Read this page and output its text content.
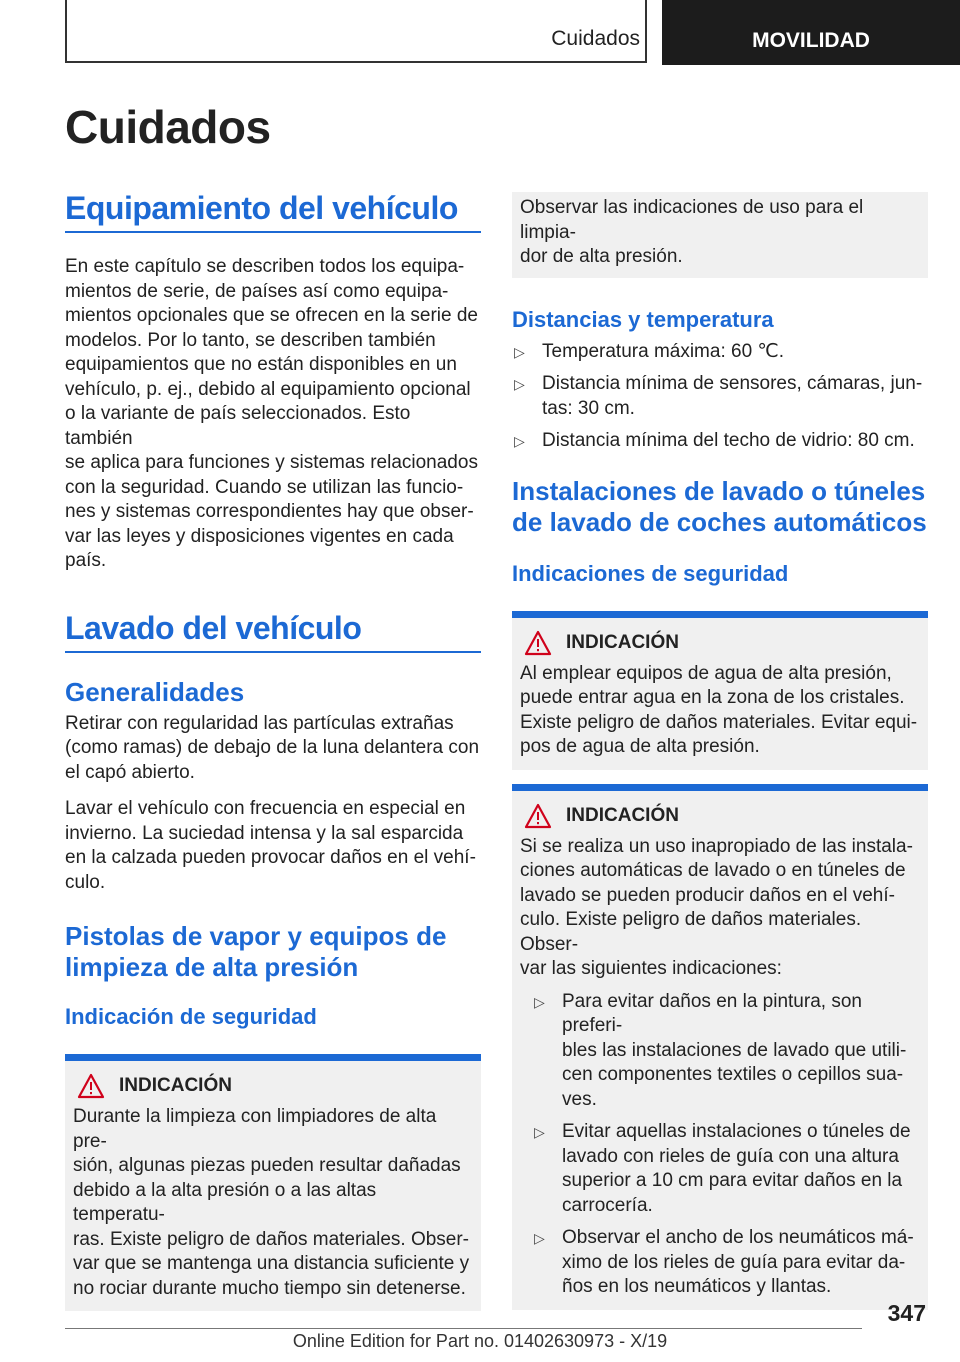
Cuidados	MOVILIDAD
Cuidados
Equipamiento del vehículo

En este capítulo se describen todos los equipa-
mientos de serie, de países así como equipa-
mientos opcionales que se ofrecen en la serie de
modelos. Por lo tanto, se describen también
equipamientos que no están disponibles en un
vehículo, p. ej., debido al equipamiento opcional
o la variante de país seleccionados. Esto también
se aplica para funciones y sistemas relacionados
con la seguridad. Cuando se utilizan las funcio-
nes y sistemas correspondientes hay que obser-
var las leyes y disposiciones vigentes en cada
país.

Lavado del vehículo
Generalidades

Retirar con regularidad las partículas extrañas
(como ramas) de debajo de la luna delantera con
el capó abierto.

Lavar el vehículo con frecuencia en especial en
invierno. La suciedad intensa y la sal esparcida
en la calzada pueden provocar daños en el vehí-
culo.

Pistolas de vapor y equipos de
limpieza de alta presión
Indicación de seguridad
INDICACIÓN

Durante la limpieza con limpiadores de alta pre-
sión, algunas piezas pueden resultar dañadas
debido a la alta presión o a las altas temperatu-
ras. Existe peligro de daños materiales. Obser-
var que se mantenga una distancia suficiente y
no rociar durante mucho tiempo sin detenerse.

Observar las indicaciones de uso para el limpia-
dor de alta presión.

Distancias y temperatura
▷ Temperatura máxima: 60 ℃.
▷ Distancia mínima de sensores, cámaras, jun-
tas: 30 cm.
▷ Distancia mínima del techo de vidrio: 80 cm.
Instalaciones de lavado o túneles
de lavado de coches automáticos
Indicaciones de seguridad
INDICACIÓN

Al emplear equipos de agua de alta presión,
puede entrar agua en la zona de los cristales.
Existe peligro de daños materiales. Evitar equi-
pos de agua de alta presión.

INDICACIÓN

Si se realiza un uso inapropiado de las instala-
ciones automáticas de lavado o en túneles de
lavado se pueden producir daños en el vehí-
culo. Existe peligro de daños materiales. Obser-
var las siguientes indicaciones:

▷ Para evitar daños en la pintura, son preferi-
bles las instalaciones de lavado que utili-
cen componentes textiles o cepillos sua-
ves.
▷ Evitar aquellas instalaciones o túneles de
lavado con rieles de guía con una altura
superior a 10 cm para evitar daños en la
carrocería.
▷ Observar el ancho de los neumáticos má-
ximo de los rieles de guía para evitar da-
ños en los neumáticos y llantas.
347
Online Edition for Part no. 01402630973 - X/19
